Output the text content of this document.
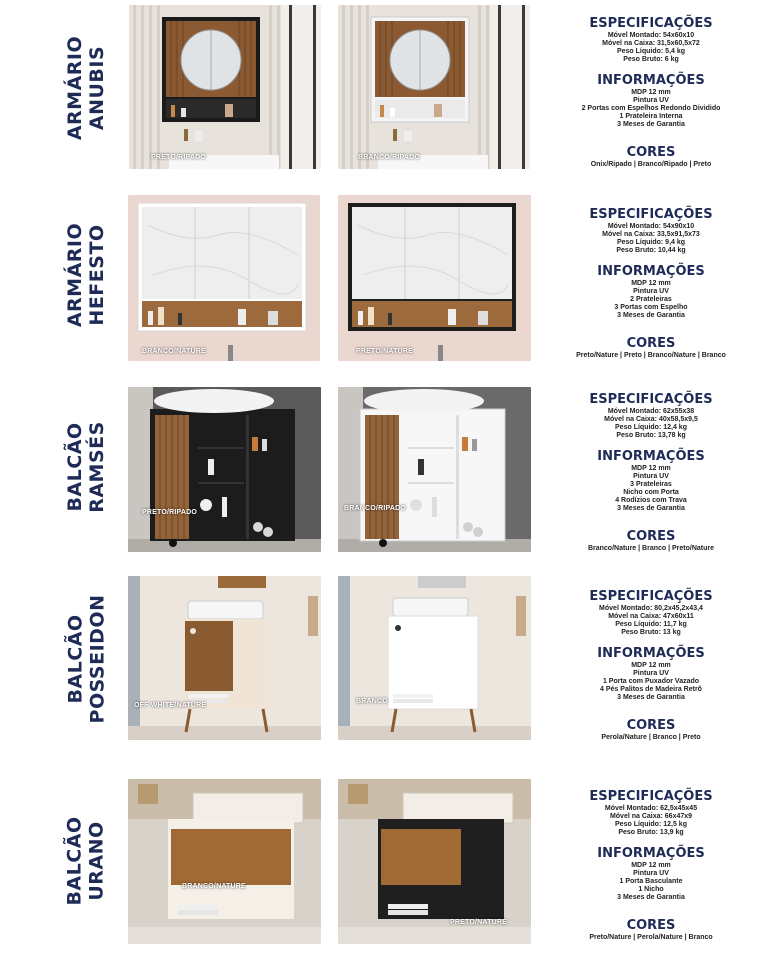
ARMÁRIO ANUBIS
PRETO/RIPADO	BRANCO/RIPADO
ESPECIFICAÇÕES
Móvel Montado: 54x60x10
Móvel na Caixa: 31,5x60,5x72
Peso Líquido: 5,4 kg
Peso Bruto: 6 kg
INFORMAÇÕES
MDP 12 mm
Pintura UV
2 Portas com Espelhos Redondo Dividido
1 Prateleira Interna
3 Meses de Garantia
CORES
Onix/Ripado | Branco/Ripado | Preto
ARMÁRIO HEFESTO
BRANCO/NATURE	PRETO/NATURE
ESPECIFICAÇÕES
Móvel Montado: 54x90x10
Móvel na Caixa: 33,5x91,5x73
Peso Líquido: 9,4 kg
Peso Bruto: 10,44 kg
INFORMAÇÕES
MDP 12 mm
Pintura UV
2 Prateleiras
3 Portas com Espelho
3 Meses de Garantia
CORES
Preto/Nature | Preto | Branco/Nature | Branco
BALCÃO RAMSÉS
PRETO/RIPADO
BRANCO/RIPADO
ESPECIFICAÇÕES
Móvel Montado: 62x55x38
Móvel na Caixa: 40x58,5x9,5
Peso Líquido: 12,4 kg
Peso Bruto: 13,78 kg
INFORMAÇÕES
MDP 12 mm
Pintura UV
3 Prateleiras
Nicho com Porta
4 Rodízios com Trava
3 Meses de Garantia
CORES
Branco/Nature | Branco | Preto/Nature
BALCÃO POSSEIDON	OFF WHITE/NATURE
BRANCO
ESPECIFICAÇÕES
Móvel Montado: 80,2x45,2x43,4
Móvel na Caixa: 47x60x11
Peso Líquido: 11,7 kg
Peso Bruto: 13 kg
INFORMAÇÕES
MDP 12 mm
Pintura UV
1 Porta com Puxador Vazado
4 Pés Palitos de Madeira Retrô
3 Meses de Garantia
CORES
Perola/Nature | Branco | Preto
BALCÃO URANO	BRANCO/NATURE
PRETO/NATURE
ESPECIFICAÇÕES
Móvel Montado: 62,5x45x45
Móvel na Caixa: 66x47x9
Peso Líquido: 12,5 kg
Peso Bruto: 13,9 kg
INFORMAÇÕES
MDP 12 mm
Pintura UV
1 Porta Basculante
1 Nicho
3 Meses de Garantia
CORES
Preto/Nature | Perola/Nature | Branco
